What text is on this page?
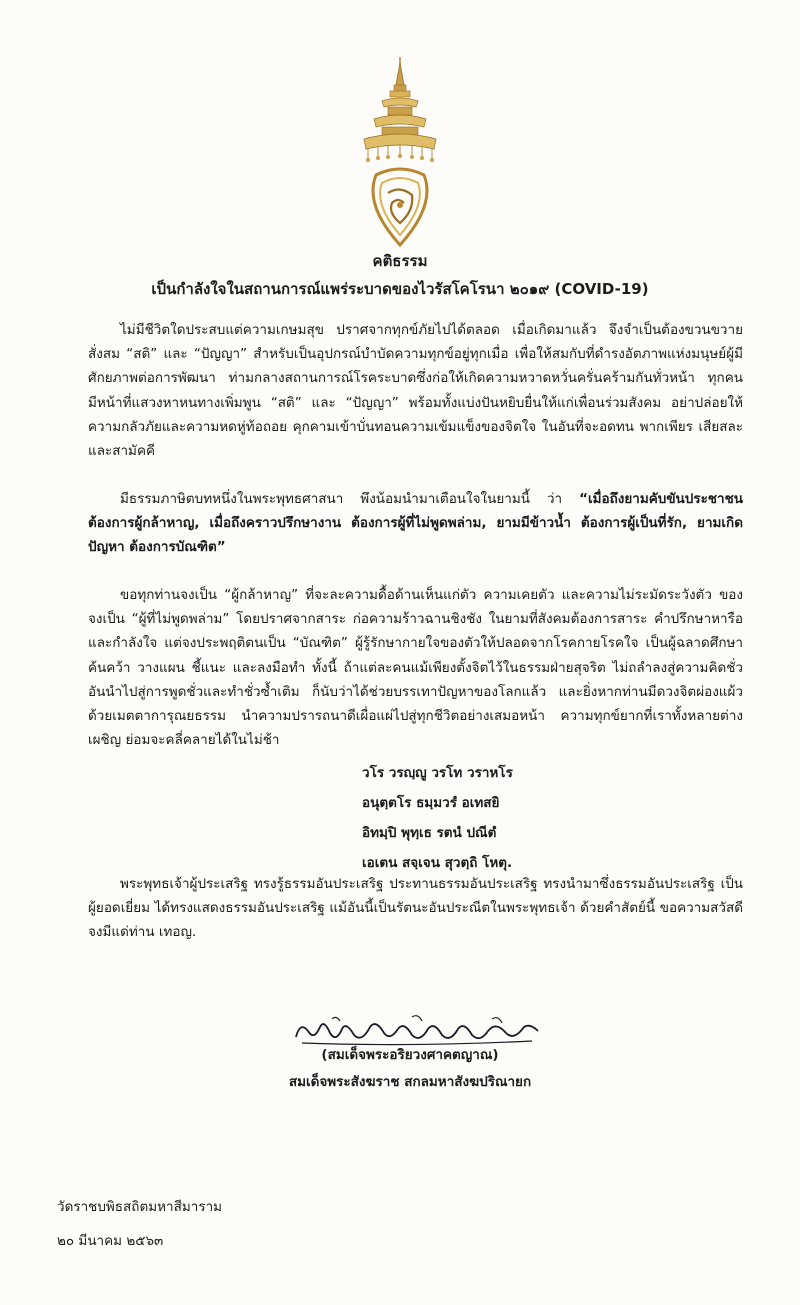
คติธรรม
เป็นกำลังใจในสถานการณ์แพร่ระบาดของไวรัสโคโรนา ๒๐๑๙ (COVID-19)
ไม่มีชีวิตใดประสบแต่ความเกษมสุข ปราศจากทุกข์ภัยไปได้ตลอด เมื่อเกิดมาแล้ว จึงจำเป็นต้องขวนขวายสั่งสม “สติ” และ “ปัญญา” สำหรับเป็นอุปกรณ์บำบัดความทุกข์อยู่ทุกเมื่อ เพื่อให้สมกับที่ดำรงอัตภาพแห่งมนุษย์ผู้มีศักยภาพต่อการพัฒนา ท่ามกลางสถานการณ์โรคระบาดซึ่งก่อให้เกิดความหวาดหวั่นครั่นคร้ามกันทั่วหน้า ทุกคนมีหน้าที่แสวงหาหนทางเพิ่มพูน “สติ” และ “ปัญญา” พร้อมทั้งแบ่งปันหยิบยื่นให้แก่เพื่อนร่วมสังคม อย่าปล่อยให้ความกลัวภัยและความหดหู่ท้อถอย คุกคามเข้าบั่นทอนความเข้มแข็งของจิตใจ ในอันที่จะอดทน พากเพียร เสียสละ และสามัคคี
มีธรรมภาษิตบทหนึ่งในพระพุทธศาสนา พึงน้อมนำมาเตือนใจในยามนี้ ว่า “เมื่อถึงยามคับขันประชาชนต้องการผู้กล้าหาญ, เมื่อถึงคราวปรึกษางาน ต้องการผู้ที่ไม่พูดพล่าม, ยามมีข้าวน้ำ ต้องการผู้เป็นที่รัก, ยามเกิดปัญหา ต้องการบัณฑิต”
ขอทุกท่านจงเป็น “ผู้กล้าหาญ” ที่จะละความดื้อด้านเห็นแก่ตัว ความเคยตัว และความไม่ระมัดระวังตัว ของจงเป็น “ผู้ที่ไม่พูดพล่าม” โดยปราศจากสาระ ก่อความร้าวฉานชิงชัง ในยามที่สังคมต้องการสาระ คำปรึกษาหารือ และกำลังใจ แต่จงประพฤติตนเป็น “บัณฑิต” ผู้รู้รักษากายใจของตัวให้ปลอดจากโรคกายโรคใจ เป็นผู้ฉลาดศึกษา ค้นคว้า วางแผน ชี้แนะ และลงมือทำ ทั้งนี้ ถ้าแต่ละคนแม้เพียงตั้งจิตไว้ในธรรมฝ่ายสุจริต ไม่ถลำลงสู่ความคิดชั่ว อันนำไปสู่การพูดชั่วและทำชั่วซ้ำเติม ก็นับว่าได้ช่วยบรรเทาปัญหาของโลกแล้ว และยิ่งหากท่านมีดวงจิตผ่องแผ้วด้วยเมตตาการุณยธรรม นำความปรารถนาดีเผื่อแผ่ไปสู่ทุกชีวิตอย่างเสมอหน้า ความทุกข์ยากที่เราทั้งหลายต่างเผชิญ ย่อมจะคลี่คลายได้ในไม่ช้า
วโร วรญฺญู วรโท วราหโร
อนุตฺตโร ธมฺมวรํ อเทสยิ
อิทมฺปิ พุทฺเธ รตนํ ปณีตํ
เอเตน สจฺเจน สุวตฺถิ โหตุ.
พระพุทธเจ้าผู้ประเสริฐ ทรงรู้ธรรมอันประเสริฐ ประทานธรรมอันประเสริฐ ทรงนำมาซึ่งธรรมอันประเสริฐ เป็นผู้ยอดเยี่ยม ได้ทรงแสดงธรรมอันประเสริฐ แม้อันนี้เป็นรัตนะอันประณีตในพระพุทธเจ้า ด้วยคำสัตย์นี้ ขอความสวัสดีจงมีแด่ท่าน เทอญ.
(สมเด็จพระอริยวงศาคตญาณ)
สมเด็จพระสังฆราช สกลมหาสังฆปริณายก
วัดราชบพิธสถิตมหาสีมาราม
๒๐ มีนาคม ๒๕๖๓
